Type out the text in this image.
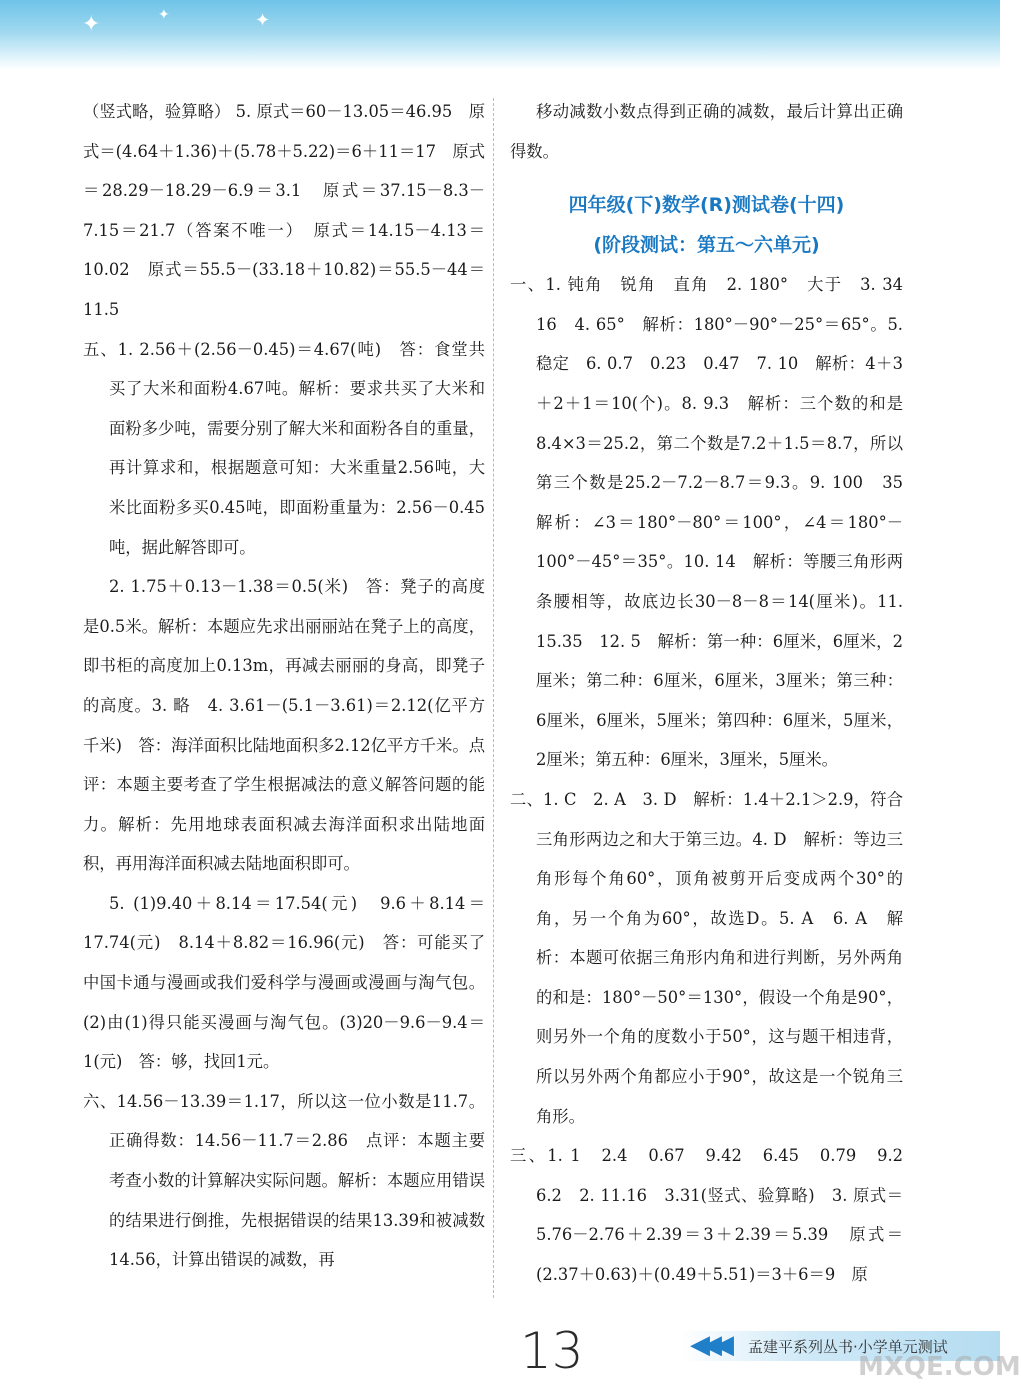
✦	✦	✦

（竖式略，验算略） 5. 原式＝60－13.05＝46.95　原式＝(4.64＋1.36)＋(5.78＋5.22)＝6＋11＝17　原式＝28.29－18.29－6.9＝3.1　原式＝37.15－8.3－7.15＝21.7（答案不唯一）　原式＝14.15－4.13＝10.02　原式＝55.5－(33.18＋10.82)＝55.5－44＝11.5

五、1. 2.56＋(2.56－0.45)＝4.67(吨)　答：食堂共买了大米和面粉4.67吨。解析：要求共买了大米和面粉多少吨，需要分别了解大米和面粉各自的重量，再计算求和，根据题意可知：大米重量2.56吨，大米比面粉多买0.45吨，即面粉重量为：2.56－0.45吨，据此解答即可。

2. 1.75＋0.13－1.38＝0.5(米)　答：凳子的高度是0.5米。解析：本题应先求出丽丽站在凳子上的高度，即书柜的高度加上0.13m，再减去丽丽的身高，即凳子的高度。3. 略　4. 3.61－(5.1－3.61)＝2.12(亿平方千米)　答：海洋面积比陆地面积多2.12亿平方千米。点评：本题主要考查了学生根据减法的意义解答问题的能力。解析：先用地球表面积减去海洋面积求出陆地面积，再用海洋面积减去陆地面积即可。

5. (1)9.40＋8.14＝17.54(元)　9.6＋8.14＝17.74(元)　8.14＋8.82＝16.96(元)　答：可能买了中国卡通与漫画或我们爱科学与漫画或漫画与淘气包。(2)由(1)得只能买漫画与淘气包。(3)20－9.6－9.4＝1(元)　答：够，找回1元。

六、14.56－13.39＝1.17，所以这一位小数是11.7。正确得数：14.56－11.7＝2.86　点评：本题主要考查小数的计算解决实际问题。解析：本题应用错误的结果进行倒推，先根据错误的结果13.39和被减数14.56，计算出错误的减数，再

移动减数小数点得到正确的减数，最后计算出正确得数。

四年级(下)数学(R)测试卷(十四)
(阶段测试：第五～六单元)

一、1. 钝角　锐角　直角　2. 180°　大于　3. 34　16　4. 65°　解析：180°－90°－25°＝65°。5. 稳定　6. 0.7　0.23　0.47　7. 10　解析：4＋3＋2＋1＝10(个)。8. 9.3　解析：三个数的和是8.4×3＝25.2，第二个数是7.2＋1.5＝8.7，所以第三个数是25.2－7.2－8.7＝9.3。9. 100　35　解析：∠3＝180°－80°＝100°，∠4＝180°－100°－45°＝35°。10. 14　解析：等腰三角形两条腰相等，故底边长30－8－8＝14(厘米)。11. 15.35　12. 5　解析：第一种：6厘米，6厘米，2厘米；第二种：6厘米，6厘米，3厘米；第三种：6厘米，6厘米，5厘米；第四种：6厘米，5厘米，2厘米；第五种：6厘米，3厘米，5厘米。

二、1. C　2. A　3. D　解析：1.4＋2.1＞2.9，符合三角形两边之和大于第三边。4. D　解析：等边三角形每个角60°，顶角被剪开后变成两个30°的角，另一个角为60°，故选D。5. A　6. A　解析：本题可依据三角形内角和进行判断，另外两角的和是：180°－50°＝130°，假设一个角是90°，则另外一个角的度数小于50°，这与题干相违背，所以另外两个角都应小于90°，故这是一个锐角三角形。

三、1. 1　2.4　0.67　9.42　6.45　0.79　9.2　6.2　2. 11.16　3.31(竖式、验算略)　3. 原式＝5.76－2.76＋2.39＝3＋2.39＝5.39　原式＝(2.37＋0.63)＋(0.49＋5.51)＝3＋6＝9　原

◀◀◀ 孟建平系列丛书·小学单元测试
13	MXQE.COM
